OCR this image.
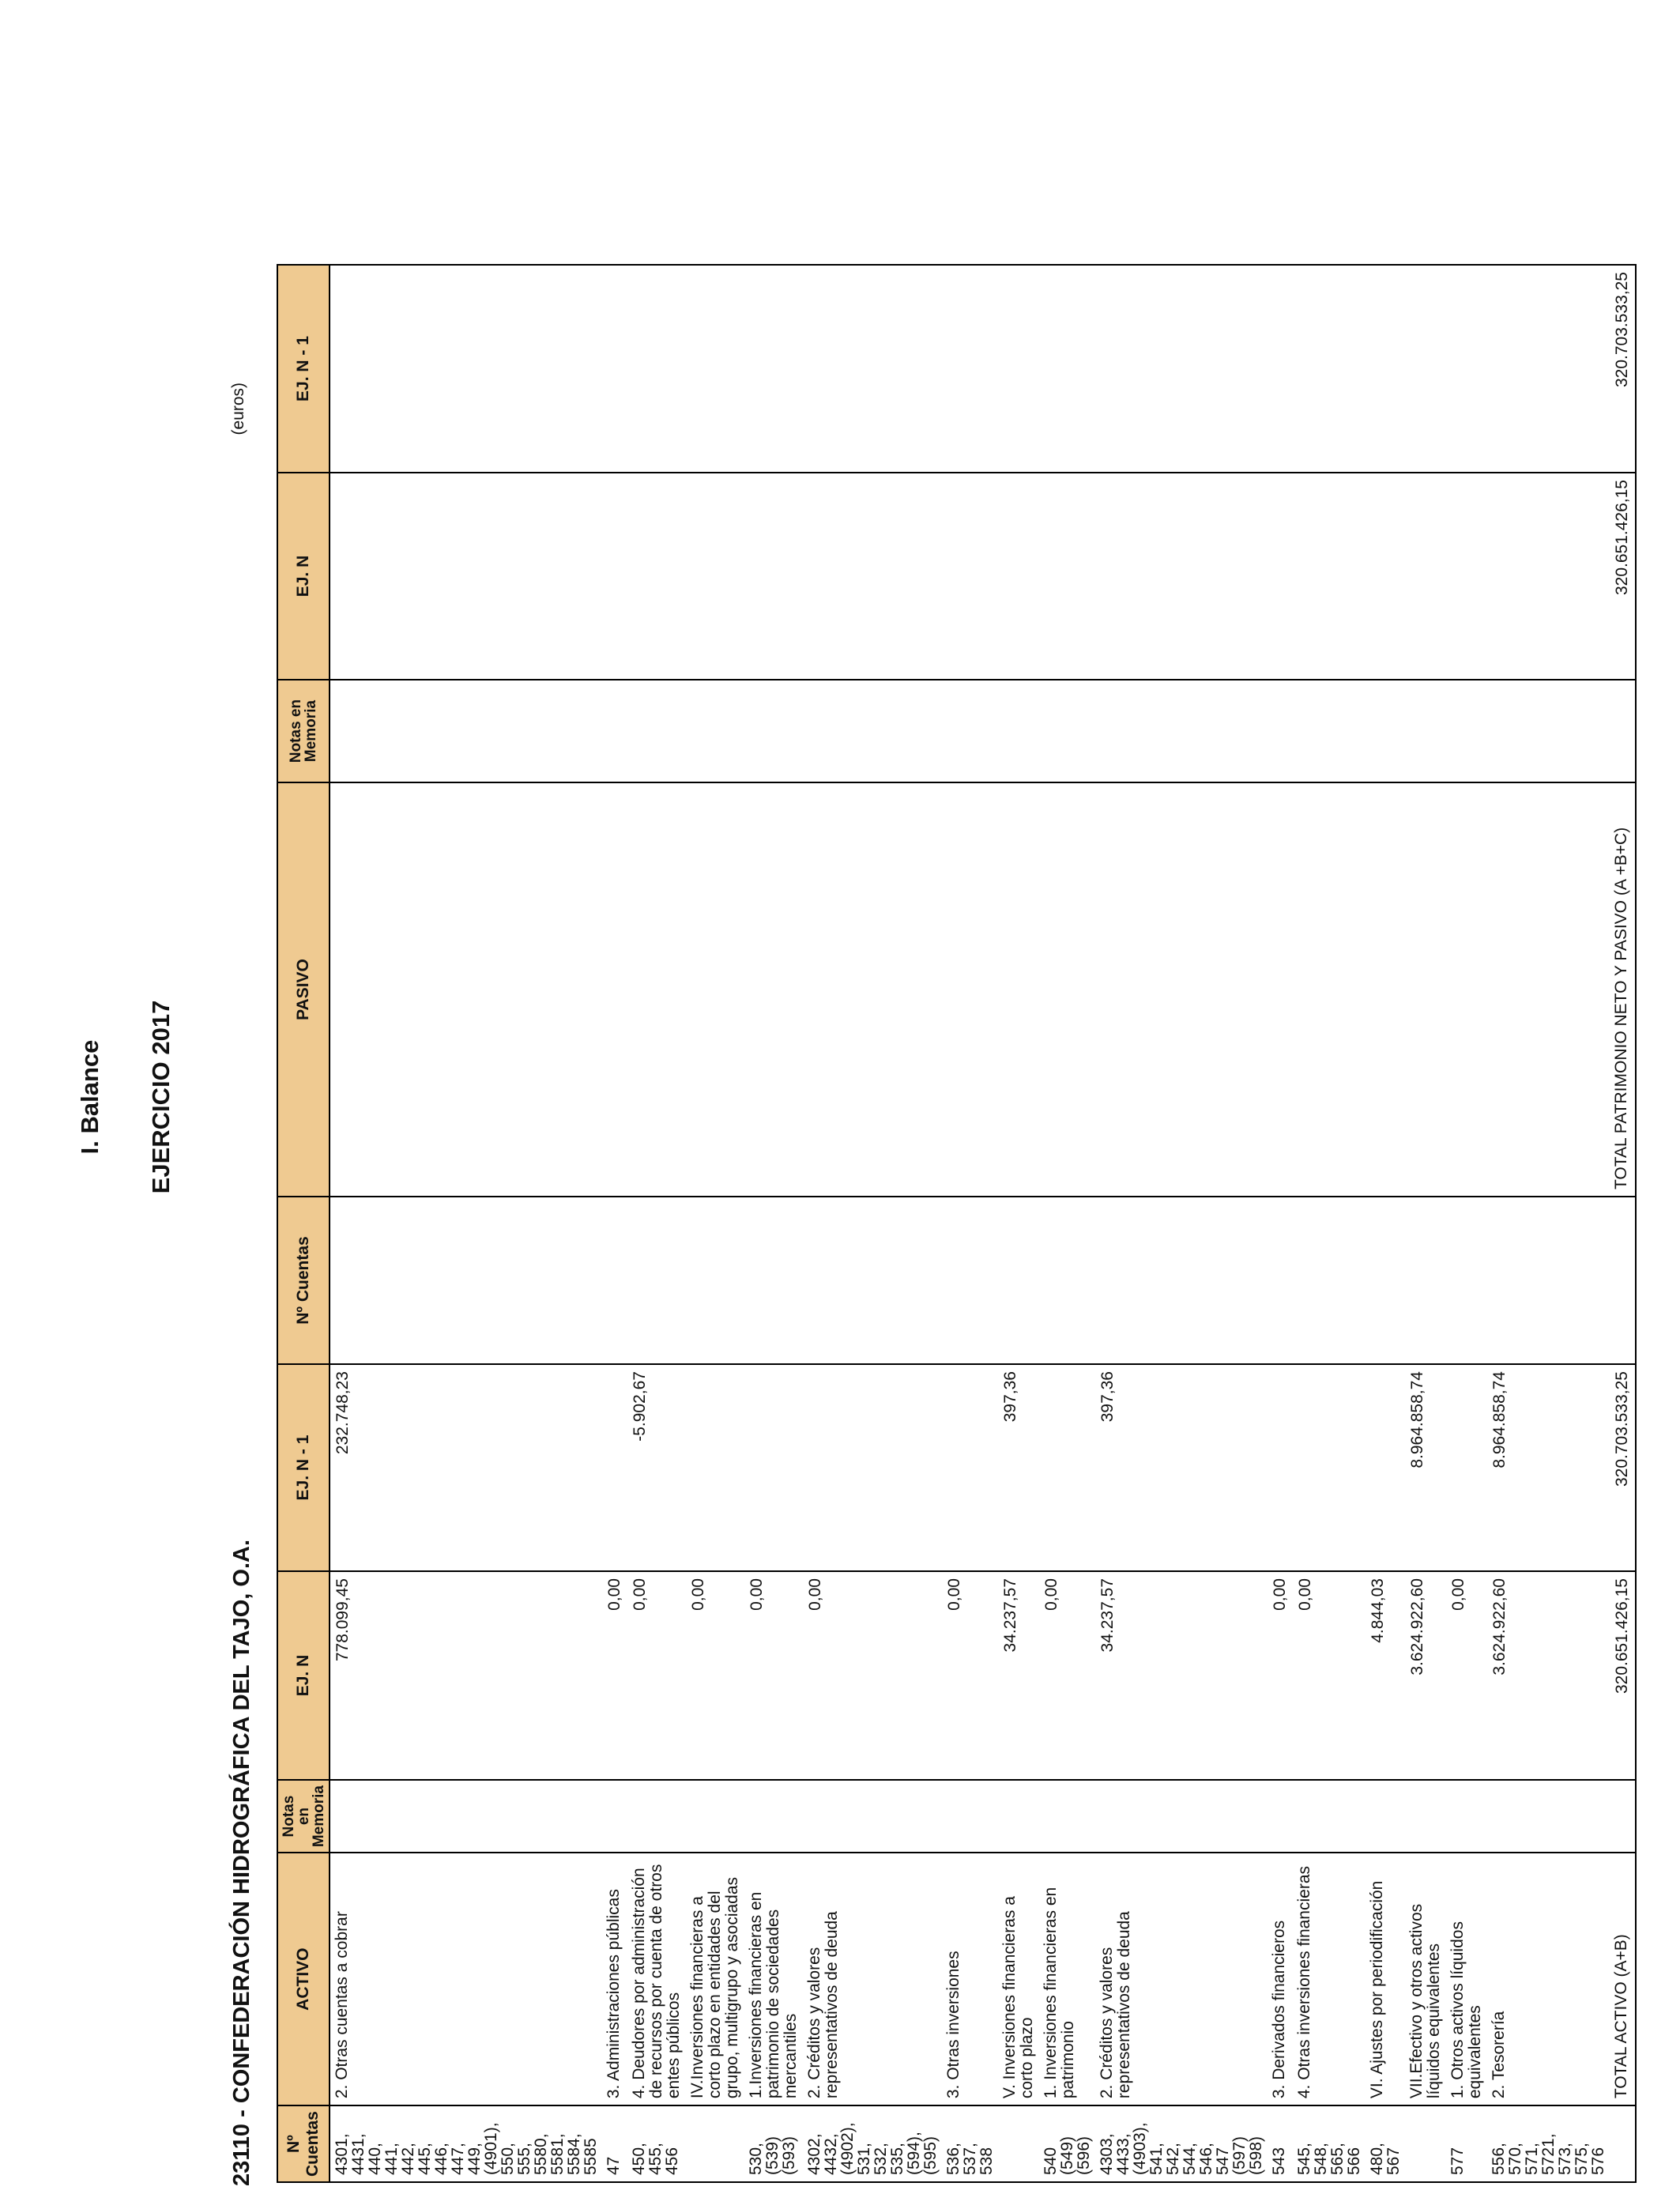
I. Balance EJERCICIO 2017
23110 - CONFEDERACIÓN HIDROGRÁFICA DEL TAJO, O.A.
(euros)
Nº Cuentas	ACTIVO	Notas en Memoria	EJ. N	EJ. N - 1	Nº Cuentas	PASIVO	Notas en Memoria	EJ. N	EJ. N - 1
4301, 4431, 440, 441, 442, 445, 446, 447, 449, (4901), 550, 555, 5580, 5581, 5584, 5585	2. Otras cuentas a cobrar		778.099,45	232.748,23					
47	3. Administraciones públicas		0,00						
450, 455, 456	4. Deudores por administración de recursos por cuenta de otros entes públicos		0,00	-5.902,67					
	IV.Inversiones financieras a corto plazo en entidades del grupo, multigrupo y asociadas		0,00						
530, (539) (593)	1.Inversiones financieras en patrimonio de sociedades mercantiles		0,00						
4302, 4432, (4902), 531, 532, 535, (594), (595)	2. Créditos y valores representativos de deuda		0,00						
536, 537, 538	3. Otras inversiones		0,00						
	V. Inversiones financieras a corto plazo		34.237,57	397,36					
540 (549) (596)	1. Inversiones financieras en patrimonio		0,00						
4303, 4433, (4903), 541, 542, 544, 546, 547 (597) (598)	2. Créditos y valores representativos de deuda		34.237,57	397,36					
543	3. Derivados financieros		0,00						
545, 548, 565, 566	4. Otras inversiones financieras		0,00						
480, 567	VI. Ajustes por periodificación		4.844,03						
	VII.Efectivo y otros activos líquidos equivalentes		3.624.922,60	8.964.858,74					
577	1. Otros activos líquidos equivalentes		0,00						
556, 570, 571, 5721, 573, 575, 576	2. Tesorería		3.624.922,60	8.964.858,74					
	TOTAL ACTIVO (A+B)		320.651.426,15	320.703.533,25		TOTAL PATRIMONIO NETO Y PASIVO (A +B+C)		320.651.426,15	320.703.533,25
